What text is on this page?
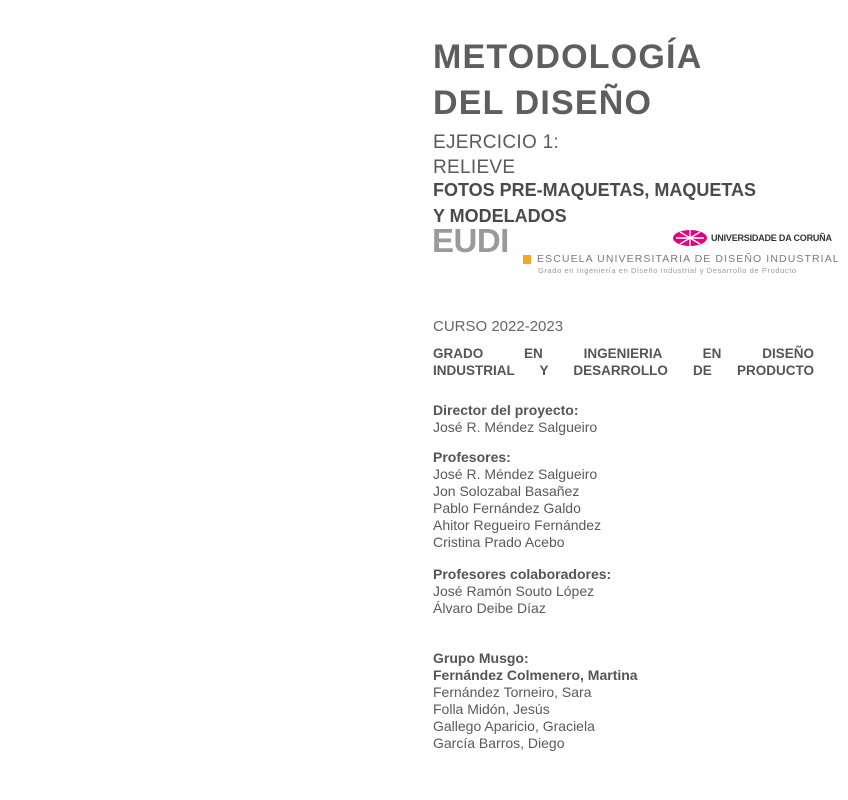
METODOLOGÍA
DEL DISEÑO
EJERCICIO 1:
RELIEVE
FOTOS PRE-MAQUETAS, MAQUETAS
Y MODELADOS
EUDI	ESCUELA UNIVERSITARIA DE DISEÑO INDUSTRIAL
Grado en Ingeniería en Diseño Industrial y Desarrollo de Producto
UNIVERSIDADE DA CORUÑA
CURSO 2022-2023
GRADO EN INGENIERIA EN DISEÑO
INDUSTRIAL Y DESARROLLO DE PRODUCTO
Director del proyecto:
José R. Méndez Salgueiro
Profesores:
José R. Méndez Salgueiro
Jon Solozabal Basañez
Pablo Fernández Galdo
Ahitor Regueiro Fernández
Cristina Prado Acebo
Profesores colaboradores:
José Ramón Souto López
Álvaro Deibe Díaz
Grupo Musgo:
Fernández Colmenero, Martina
Fernández Torneiro, Sara
Folla Midón, Jesús
Gallego Aparicio, Graciela
García Barros, Diego
